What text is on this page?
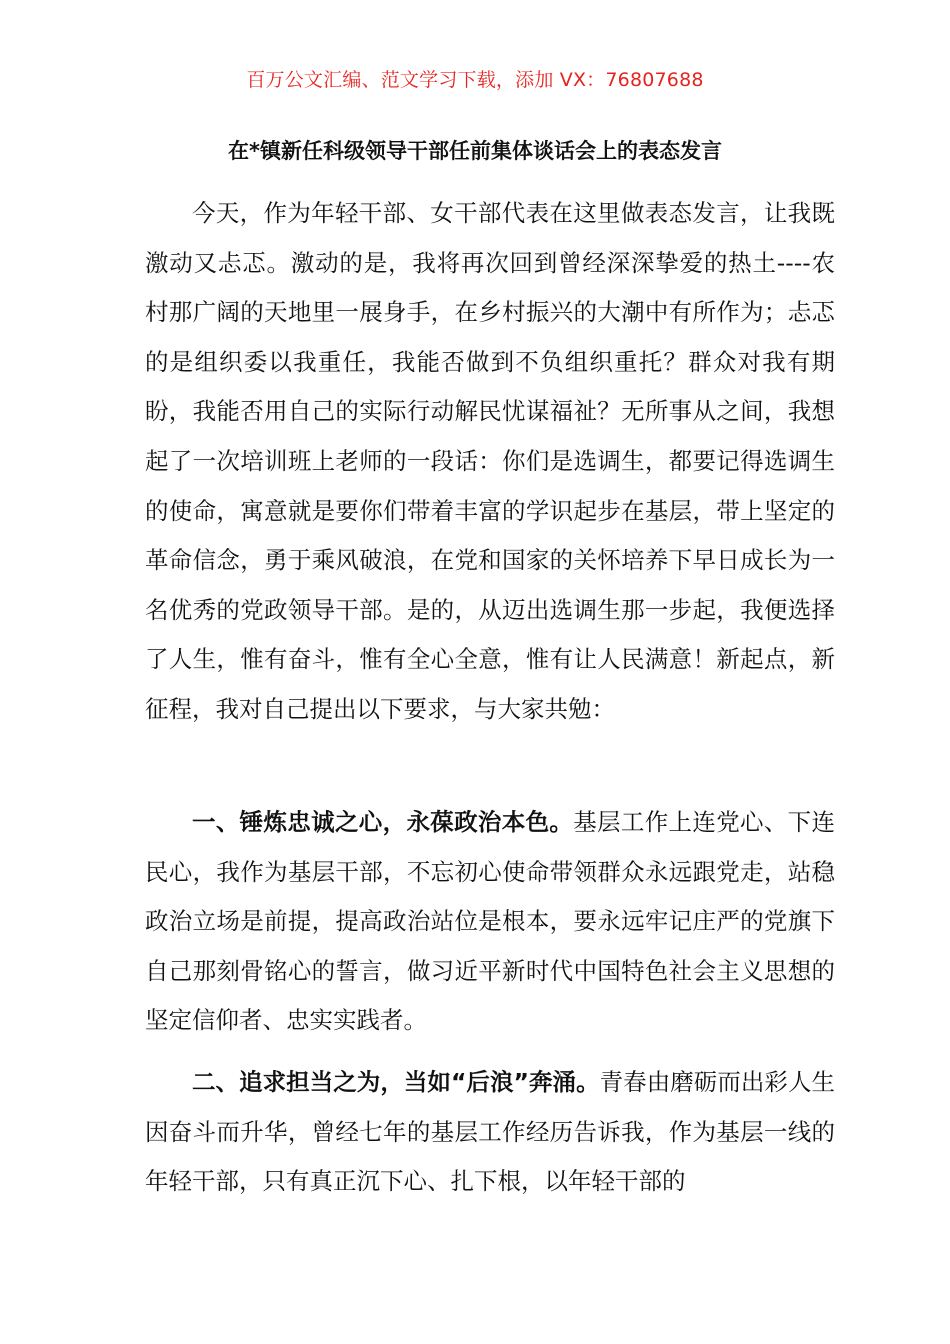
百万公文汇编、范文学习下载，添加 VX：76807688
在*镇新任科级领导干部任前集体谈话会上的表态发言

今天，作为年轻干部、女干部代表在这里做表态发言，让我既激动又忐忑。激动的是，我将再次回到曾经深深挚爱的热土----农村那广阔的天地里一展身手，在乡村振兴的大潮中有所作为；忐忑的是组织委以我重任，我能否做到不负组织重托？群众对我有期盼，我能否用自己的实际行动解民忧谋福祉？无所事从之间，我想起了一次培训班上老师的一段话：你们是选调生，都要记得选调生的使命，寓意就是要你们带着丰富的学识起步在基层，带上坚定的革命信念，勇于乘风破浪，在党和国家的关怀培养下早日成长为一名优秀的党政领导干部。是的，从迈出选调生那一步起，我便选择了人生，惟有奋斗，惟有全心全意，惟有让人民满意！新起点，新征程，我对自己提出以下要求，与大家共勉：

一、锤炼忠诚之心，永葆政治本色。基层工作上连党心、下连民心，我作为基层干部，不忘初心使命带领群众永远跟党走，站稳政治立场是前提，提高政治站位是根本，要永远牢记庄严的党旗下自己那刻骨铭心的誓言，做习近平新时代中国特色社会主义思想的坚定信仰者、忠实实践者。

二、追求担当之为，当如“后浪”奔涌。青春由磨砺而出彩人生因奋斗而升华，曾经七年的基层工作经历告诉我，作为基层一线的年轻干部，只有真正沉下心、扎下根，以年轻干部的
